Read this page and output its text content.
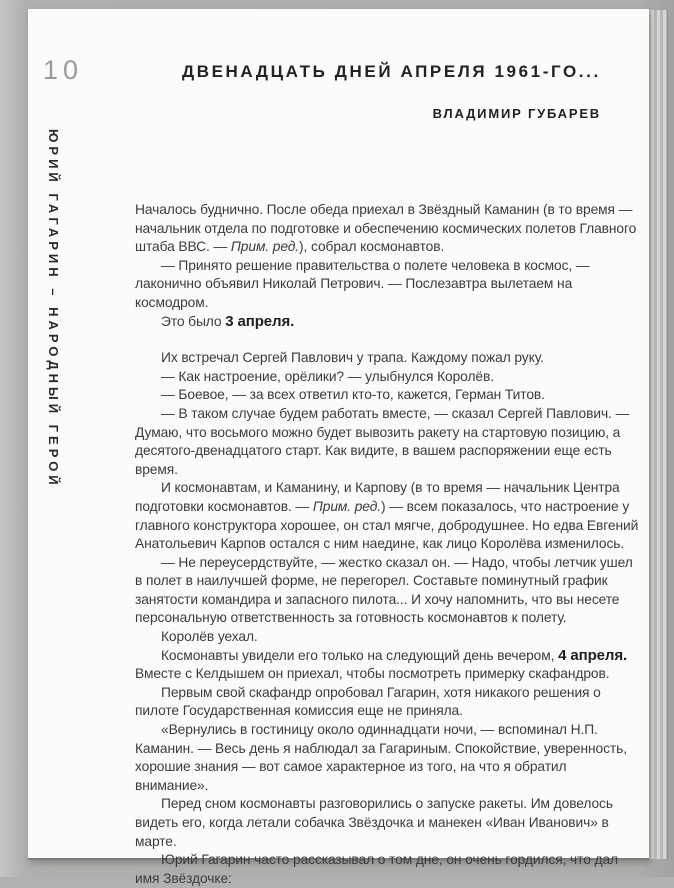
10	ДВЕНАДЦАТЬ ДНЕЙ АПРЕЛЯ 1961-ГО...
ВЛАДИМИР ГУБАРЕВ
ЮРИЙ ГАГАРИН – НАРОДНЫЙ ГЕРОЙ	Началось буднично. После обеда приехал в Звёздный Каманин (в то время — начальник отдела по подготовке и обеспечению космических полетов Главного штаба ВВС. — Прим. ред.), собрал космонавтов.

— Принято решение правительства о полете человека в космос, — лаконично объявил Николай Петрович. — Послезавтра вылетаем на космодром.

Это было 3 апреля.

Их встречал Сергей Павлович у трапа. Каждому пожал руку.

— Как настроение, орёлики? — улыбнулся Королёв.

— Боевое, — за всех ответил кто-то, кажется, Герман Титов.

— В таком случае будем работать вместе, — сказал Сергей Павлович. — Думаю, что восьмого можно будет вывозить ракету на стартовую позицию, а десятого-двенадцатого старт. Как видите, в вашем распоряжении еще есть время.

И космонавтам, и Каманину, и Карпову (в то время — начальник Центра подготовки космонавтов. — Прим. ред.) — всем показалось, что настроение у главного конструктора хорошее, он стал мягче, добродушнее. Но едва Евгений Анатольевич Карпов остался с ним наедине, как лицо Королёва изменилось.

— Не переусердствуйте, — жестко сказал он. — Надо, чтобы летчик ушел в полет в наилучшей форме, не перегорел. Составьте поминутный график занятости командира и запасного пилота... И хочу напомнить, что вы несете персональную ответственность за готовность космонавтов к полету.

Королёв уехал.

Космонавты увидели его только на следующий день вечером, 4 апреля. Вместе с Келдышем он приехал, чтобы посмотреть примерку скафандров.

Первым свой скафандр опробовал Гагарин, хотя никакого решения о пилоте Государственная комиссия еще не приняла.

«Вернулись в гостиницу около одиннадцати ночи, — вспоминал Н.П. Каманин. — Весь день я наблюдал за Гагариным. Спокойствие, уверенность, хорошие знания — вот самое характерное из того, на что я обратил внимание».

Перед сном космонавты разговорились о запуске ракеты. Им довелось видеть его, когда летали собачка Звёздочка и манекен «Иван Иванович» в марте.

Юрий Гагарин часто рассказывал о том дне, он очень гордился, что дал имя Звёздочке:
